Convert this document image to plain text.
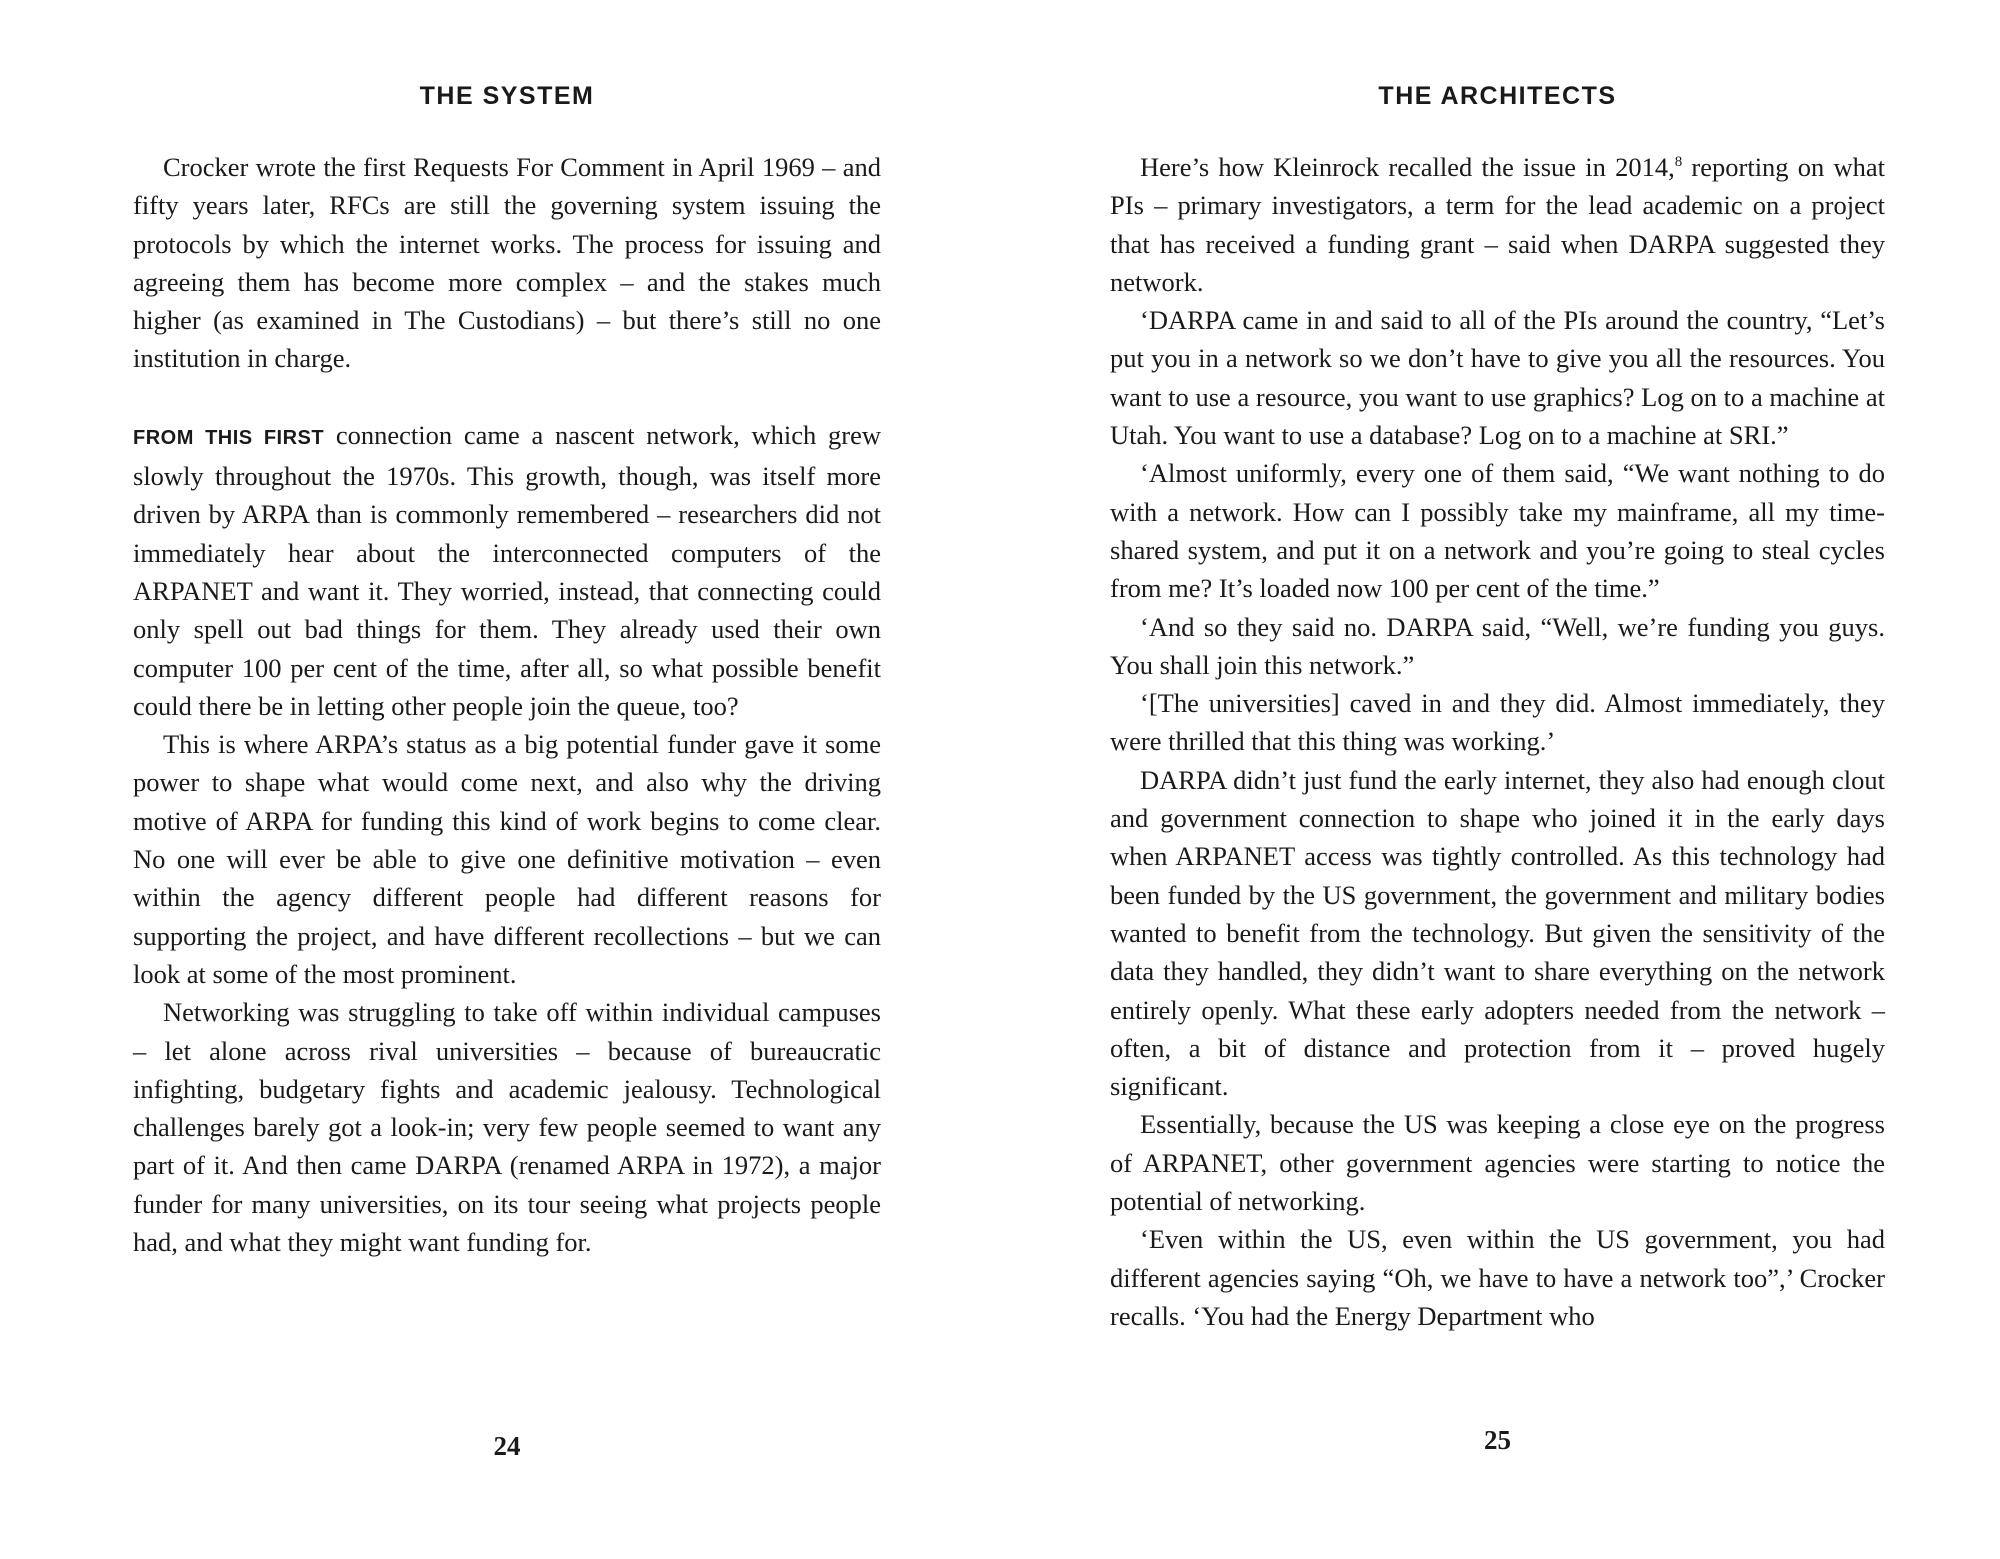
THE SYSTEM

Crocker wrote the first Requests For Comment in April 1969 – and fifty years later, RFCs are still the governing system issuing the protocols by which the internet works. The process for issuing and agreeing them has become more complex – and the stakes much higher (as examined in The Custodians) – but there’s still no one institution in charge.

FROM THIS FIRST connection came a nascent network, which grew slowly throughout the 1970s. This growth, though, was itself more driven by ARPA than is commonly remembered – researchers did not immediately hear about the interconnected computers of the ARPANET and want it. They worried, instead, that connecting could only spell out bad things for them. They already used their own computer 100 per cent of the time, after all, so what possible benefit could there be in letting other people join the queue, too?

This is where ARPA’s status as a big potential funder gave it some power to shape what would come next, and also why the driving motive of ARPA for funding this kind of work begins to come clear. No one will ever be able to give one definitive motivation – even within the agency different people had different reasons for supporting the project, and have different recollections – but we can look at some of the most prominent.

Networking was struggling to take off within individual campuses – let alone across rival universities – because of bureaucratic infighting, budgetary fights and academic jealousy. Technological challenges barely got a look-in; very few people seemed to want any part of it. And then came DARPA (renamed ARPA in 1972), a major funder for many universities, on its tour seeing what projects people had, and what they might want funding for.

24
THE ARCHITECTS

Here’s how Kleinrock recalled the issue in 2014,$^8$ reporting on what PIs – primary investigators, a term for the lead academic on a project that has received a funding grant – said when DARPA suggested they network.

‘DARPA came in and said to all of the PIs around the country, “Let’s put you in a network so we don’t have to give you all the resources. You want to use a resource, you want to use graphics? Log on to a machine at Utah. You want to use a database? Log on to a machine at SRI.”

‘Almost uniformly, every one of them said, “We want nothing to do with a network. How can I possibly take my mainframe, all my time-shared system, and put it on a network and you’re going to steal cycles from me? It’s loaded now 100 per cent of the time.”

‘And so they said no. DARPA said, “Well, we’re funding you guys. You shall join this network.”

‘[The universities] caved in and they did. Almost immediately, they were thrilled that this thing was working.’

DARPA didn’t just fund the early internet, they also had enough clout and government connection to shape who joined it in the early days when ARPANET access was tightly controlled. As this technology had been funded by the US government, the government and military bodies wanted to benefit from the technology. But given the sensitivity of the data they handled, they didn’t want to share everything on the network entirely openly. What these early adopters needed from the network – often, a bit of distance and protection from it – proved hugely significant.

Essentially, because the US was keeping a close eye on the progress of ARPANET, other government agencies were starting to notice the potential of networking.

‘Even within the US, even within the US government, you had different agencies saying “Oh, we have to have a network too”,’ Crocker recalls. ‘You had the Energy Department who

25
